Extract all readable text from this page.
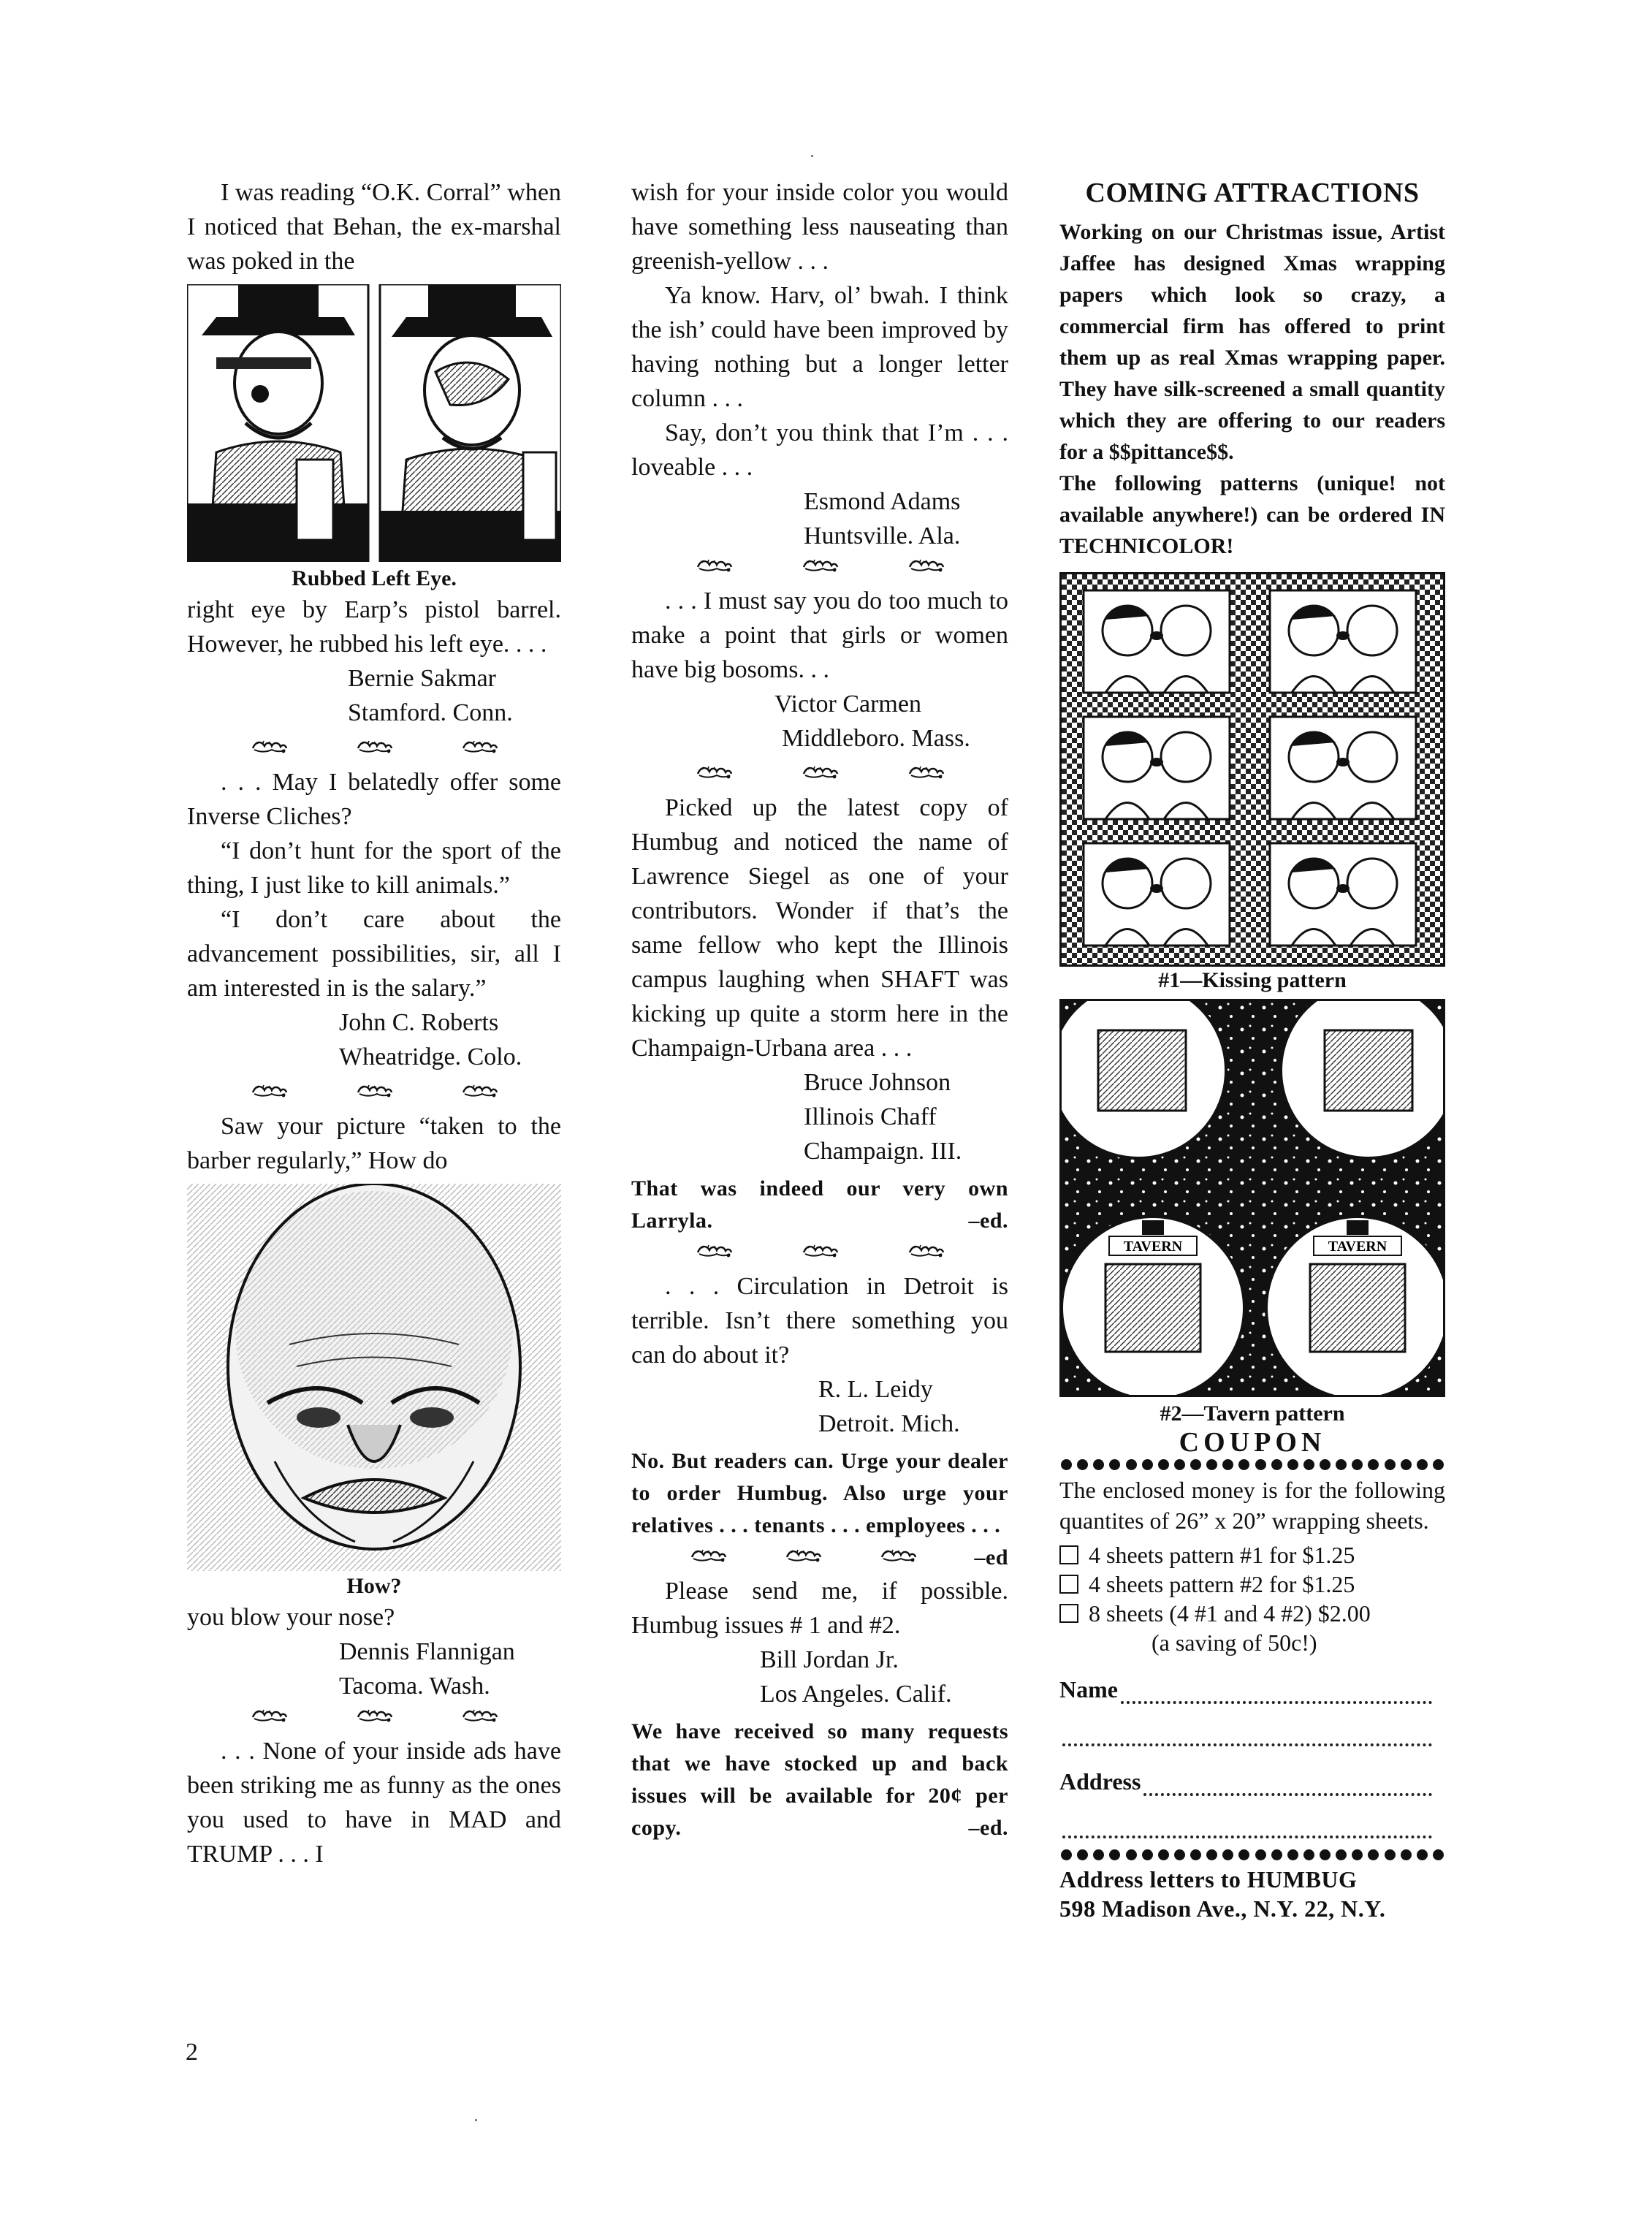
I was reading “O.K. Corral” when I noticed that Behan, the ex-marshal was poked in the

Rubbed Left Eye.

right eye by Earp’s pistol barrel. However, he rubbed his left eye. . . .

Bernie Sakmar
Stamford. Conn.

. . . May I belatedly offer some Inverse Cliches?

“I don’t hunt for the sport of the thing, I just like to kill animals.”

“I don’t care about the advancement possibilities, sir, all I am interested in is the salary.”

John C. Roberts
Wheatridge. Colo.

Saw your picture “taken to the barber regularly,” How do

How?

you blow your nose?

Dennis Flannigan
Tacoma. Wash.

. . . None of your inside ads have been striking me as funny as the ones you used to have in MAD and TRUMP . . . I

wish for your inside color you would have something less nauseating than greenish-yellow . . .

Ya know. Harv, ol’ bwah. I think the ish’ could have been improved by having nothing but a longer letter column . . .

Say, don’t you think that I’m . . . loveable . . .

Esmond Adams
Huntsville. Ala.

. . . I must say you do too much to make a point that girls or women have big bosoms. . .

Victor Carmen
Middleboro. Mass.

Picked up the latest copy of Humbug and noticed the name of Lawrence Siegel as one of your contributors. Wonder if that’s the same fellow who kept the Illinois campus laughing when SHAFT was kicking up quite a storm here in the Champaign-Urbana area . . .

Bruce Johnson
Illinois Chaff
Champaign. III.
That was indeed our very own Larryla.	–ed.

. . . Circulation in Detroit is terrible. Isn’t there something you can do about it?

R. L. Leidy
Detroit. Mich.
No. But readers can. Urge your dealer to order Humbug. Also urge your relatives . . . tenants . . . employees . . .
–ed

Please send me, if possible. Humbug issues # 1 and #2.

Bill Jordan Jr.
Los Angeles. Calif.
We have received so many requests that we have stocked up and back issues will be available for 20¢ per copy.	–ed.
COMING ATTRACTIONS

Working on our Christmas issue, Artist Jaffee has designed Xmas wrapping papers which look so crazy, a commercial firm has offered to print them up as real Xmas wrapping paper. They have silk-screened a small quantity which they are offering to our readers for a $$pittance$$.

The following patterns (unique! not available anywhere!) can be ordered IN TECHNICOLOR!

#1—Kissing pattern
TAVERN	TAVERN
#2—Tavern pattern
COUPON
The enclosed money is for the following quantites of 26” x 20” wrapping sheets.
4 sheets pattern #1 for $1.25
4 sheets pattern #2 for $1.25
8 sheets (4 #1 and 4 #2) $2.00
(a saving of 50c!)
Name
Address
Address letters to HUMBUG
598 Madison Ave., N.Y. 22, N.Y.
2
